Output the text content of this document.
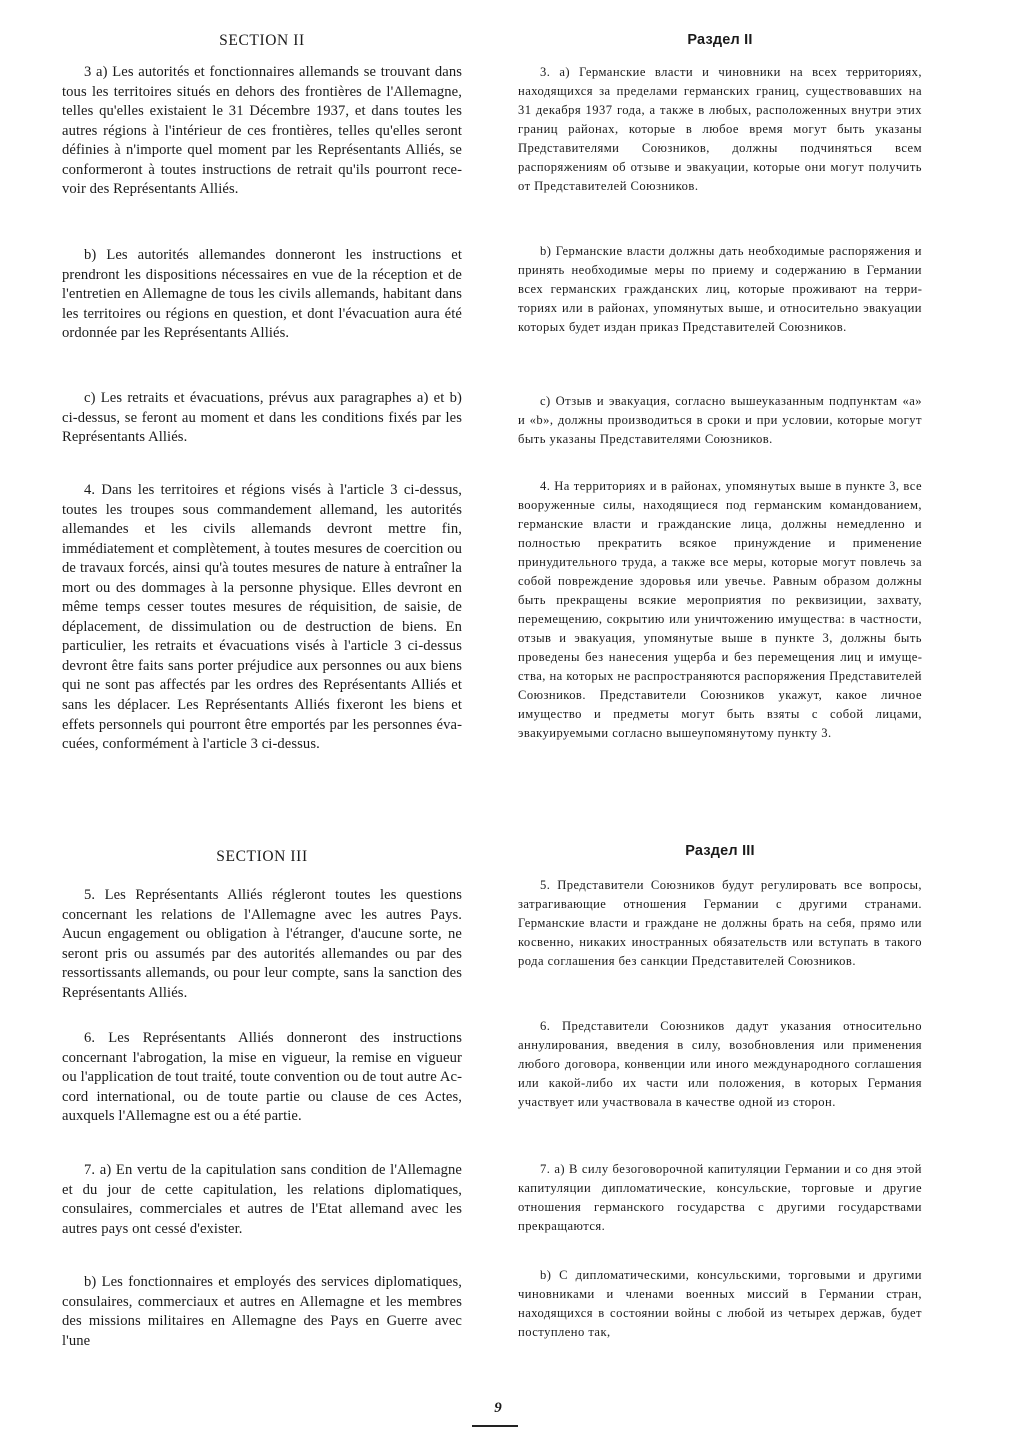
SECTION II

3 a) Les autorités et fonctionnaires allemands se trouvant dans tous les territoires situés en dehors des frontières de l'Allemagne, telles qu'elles existaient le 31 Décembre 1937, et dans toutes les autres régions à l'intérieur de ces frontières, telles qu'elles seront définies à n'importe quel moment par les Représentants Alliés, se conformeront à toutes instructions de retrait qu'ils pourront recevoir des Représentants Alliés.

b) Les autorités allemandes donneront les instructions et prendront les dispositions nécessaires en vue de la réception et de l'entretien en Allemagne de tous les civils allemands, habitant dans les territoires ou régions en question, et dont l'évacuation aura été ordonnée par les Représentants Alliés.

c) Les retraits et évacuations, prévus aux paragraphes a) et b) ci-dessus, se feront au moment et dans les conditions fixés par les Représentants Alliés.

4. Dans les territoires et régions visés à l'article 3 ci-dessus, toutes les troupes sous commandement allemand, les autorités allemandes et les civils allemands devront mettre fin, immédiatement et complètement, à toutes mesures de coercition ou de travaux forcés, ainsi qu'à toutes mesures de nature à entraîner la mort ou des dommages à la personne physique. Elles devront en même temps cesser toutes mesures de réquisition, de saisie, de déplacement, de dissimulation ou de destruction de biens. En particulier, les retraits et évacuations visés à l'article 3 ci-dessus devront être faits sans porter préjudice aux personnes ou aux biens qui ne sont pas affectés par les ordres des Représentants Alliés et sans les déplacer. Les Représentants Alliés fixeront les biens et effets personnels qui pourront être emportés par les personnes évacuées, conformément à l'article 3 ci-dessus.

SECTION III

5. Les Représentants Alliés régleront toutes les questions concernant les relations de l'Allemagne avec les autres Pays. Aucun engagement ou obligation à l'étranger, d'aucune sorte, ne seront pris ou assumés par des autorités allemandes ou par des ressortissants allemands, ou pour leur compte, sans la sanction des Représentants Alliés.

6. Les Représentants Alliés donneront des instructions concernant l'abrogation, la mise en vigueur, la remise en vigueur ou l'application de tout traité, toute convention ou de tout autre Accord international, ou de toute partie ou clause de ces Actes, auxquels l'Allemagne est ou a été partie.

7. a) En vertu de la capitulation sans condition de l'Allemagne et du jour de cette capitulation, les relations diplomatiques, consulaires, commerciales et autres de l'Etat allemand avec les autres pays ont cessé d'exister.

b) Les fonctionnaires et employés des services diplomatiques, consulaires, commerciaux et autres en Allemagne et les membres des missions militaires en Allemagne des Pays en Guerre avec l'une

Раздел II

3. а) Германские власти и чиновники на всех территориях, находящихся за пределами германских границ, существовавших на 31 декабря 1937 года, а также в любых, расположенных внутри этих границ районах, которые в любое время могут быть указаны Представителями Союзников, должны подчиняться всем распоряжениям об отзыве и эвакуации, которые они могут получить от Представителей Союзников.

b) Германские власти должны дать необходимые распоряжения и принять необходимые меры по приему и содержанию в Германии всех германских гражданских лиц, которые проживают на территориях или в районах, упомянутых выше, и относительно эвакуации которых будет издан приказ Представителей Союзников.

с) Отзыв и эвакуация, согласно вышеуказанным подпунктам «а» и «b», должны производиться в сроки и при условии, которые могут быть указаны Представителями Союзников.

4. На территориях и в районах, упомянутых выше в пункте 3, все вооруженные силы, находящиеся под германским командованием, германские власти и гражданские лица, должны немедленно и полностью прекратить всякое принуждение и применение принудительного труда, а также все меры, которые могут повлечь за собой повреждение здоровья или увечье. Равным образом должны быть прекращены всякие мероприятия по реквизиции, захвату, перемещению, сокрытию или уничтожению имущества: в частности, отзыв и эвакуация, упомянутые выше в пункте 3, должны быть проведены без нанесения ущерба и без перемещения лиц и имущества, на которых не распространяются распоряжения Представителей Союзников. Представители Союзников укажут, какое личное имущество и предметы могут быть взяты с собой лицами, эвакуируемыми согласно вышеупомянутому пункту 3.

Раздел III

5. Представители Союзников будут регулировать все вопросы, затрагивающие отношения Германии с другими странами. Германские власти и граждане не должны брать на себя, прямо или косвенно, никаких иностранных обязательств или вступать в такого рода соглашения без санкции Представителей Союзников.

6. Представители Союзников дадут указания относительно аннулирования, введения в силу, возобновления или применения любого договора, конвенции или иного международного соглашения или какой-либо их части или положения, в которых Германия участвует или участвовала в качестве одной из сторон.

7. а) В силу безоговорочной капитуляции Германии и со дня этой капитуляции дипломатические, консульские, торговые и другие отношения германского государства с другими государствами прекращаются.

b) С дипломатическими, консульскими, торговыми и другими чиновниками и членами военных миссий в Германии стран, находящихся в состоянии войны с любой из четырех держав, будет поступлено так,

9
